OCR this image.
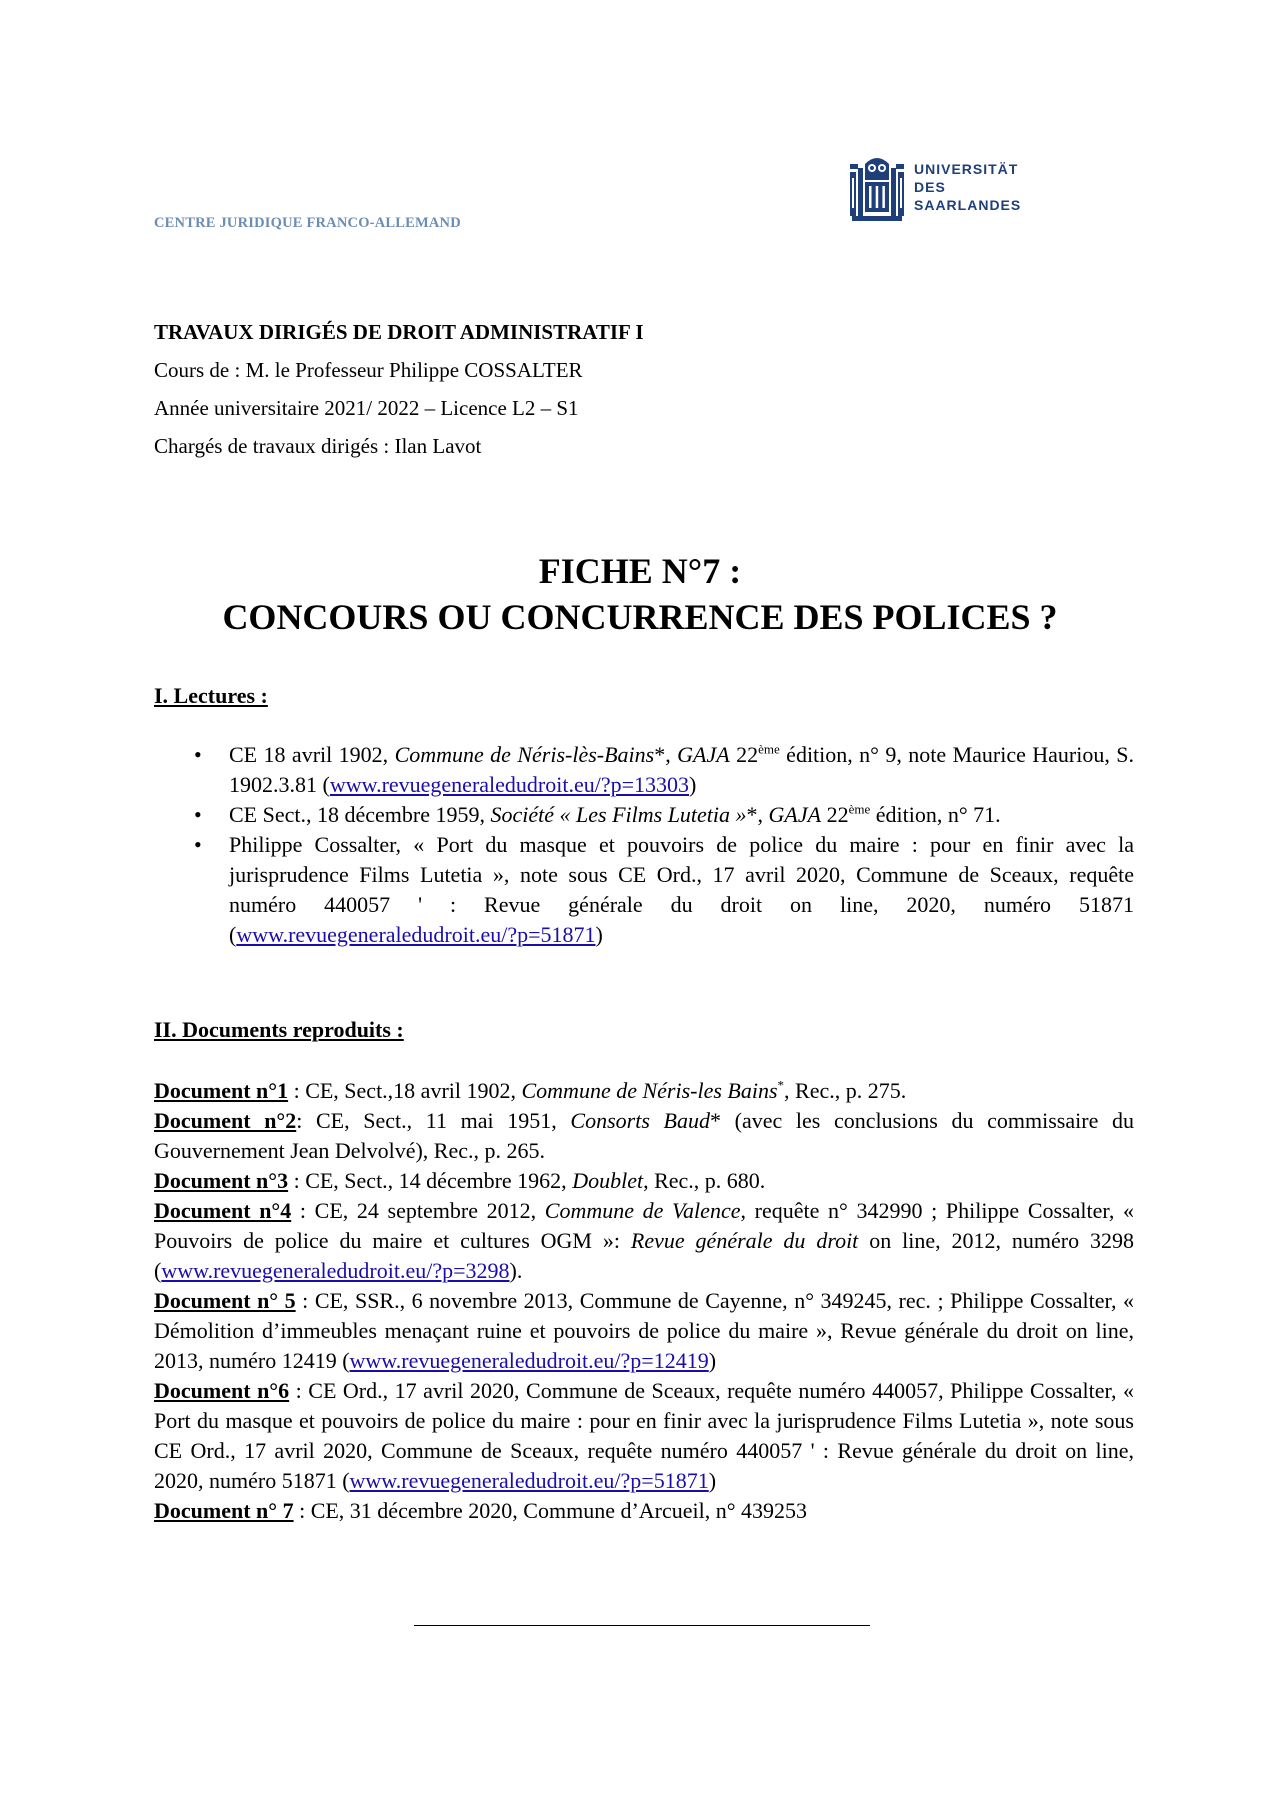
CENTRE JURIDIQUE FRANCO-ALLEMAND
UNIVERSITÄT
DES
SAARLANDES
TRAVAUX DIRIGÉS DE DROIT ADMINISTRATIF I
Cours de : M. le Professeur Philippe COSSALTER
Année universitaire 2021/ 2022 – Licence L2 – S1
Chargés de travaux dirigés : Ilan Lavot
FICHE N°7 :
CONCOURS OU CONCURRENCE DES POLICES ?
I. Lectures :
• CE 18 avril 1902, Commune de Néris-lès-Bains*, GAJA 22ème édition, n° 9, note Maurice Hauriou, S. 1902.3.81 (www.revuegeneraledudroit.eu/?p=13303)
• CE Sect., 18 décembre 1959, Société « Les Films Lutetia »*, GAJA 22ème édition, n° 71.
• Philippe Cossalter, « Port du masque et pouvoirs de police du maire : pour en finir avec la jurisprudence Films Lutetia », note sous CE Ord., 17 avril 2020, Commune de Sceaux, requête numéro 440057 ' : Revue générale du droit on line, 2020, numéro 51871 (www.revuegeneraledudroit.eu/?p=51871)
II. Documents reproduits :

Document n°1 : CE, Sect.,18 avril 1902, Commune de Néris-les Bains*, Rec., p. 275.

Document n°2: CE, Sect., 11 mai 1951, Consorts Baud* (avec les conclusions du commissaire du Gouvernement Jean Delvolvé), Rec., p. 265.

Document n°3 : CE, Sect., 14 décembre 1962, Doublet, Rec., p. 680.

Document n°4 : CE, 24 septembre 2012, Commune de Valence, requête n° 342990 ; Philippe Cossalter, « Pouvoirs de police du maire et cultures OGM »: Revue générale du droit on line, 2012, numéro 3298 (www.revuegeneraledudroit.eu/?p=3298).

Document n° 5 : CE, SSR., 6 novembre 2013, Commune de Cayenne, n° 349245, rec. ; Philippe Cossalter, « Démolition d’immeubles menaçant ruine et pouvoirs de police du maire », Revue générale du droit on line, 2013, numéro 12419 (www.revuegeneraledudroit.eu/?p=12419)

Document n°6 : CE Ord., 17 avril 2020, Commune de Sceaux, requête numéro 440057, Philippe Cossalter, « Port du masque et pouvoirs de police du maire : pour en finir avec la jurisprudence Films Lutetia », note sous CE Ord., 17 avril 2020, Commune de Sceaux, requête numéro 440057 ' : Revue générale du droit on line, 2020, numéro 51871 (www.revuegeneraledudroit.eu/?p=51871)

Document n° 7 : CE, 31 décembre 2020, Commune d’Arcueil, n° 439253
